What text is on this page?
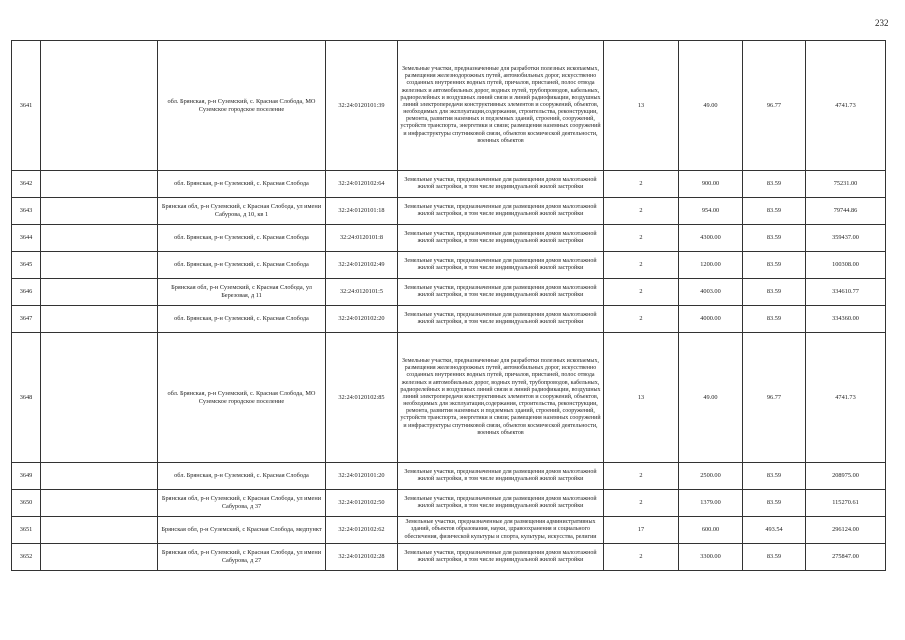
232
3641		обл. Брянская, р-н Суземский, с. Красная Слобода, МО Суземское городское поселение	32:24:0120101:39	Земельные участки, предназначенные для разработки полезных ископаемых, размещения железнодорожных путей, автомобильных дорог, искусственно созданных внутренних водных путей, причалов, пристаней, полос отвода железных и автомобильных дорог, водных путей, трубопроводов, кабельных, радиорелейных и воздушных линий связи и линий радиофикации, воздушных линий электропередачи конструктивных элементов и сооружений, объектов, необходимых для эксплуатации,содержания, строительства, реконструкции, ремонта, развития наземных и подземных зданий, строений, сооружений, устройств транспорта, энергетики и связи; размещения наземных сооружений и инфраструктуры спутниковой связи, объектов космической деятельности, военных объектов	13	49.00	96.77	4741.73
3642		обл. Брянская, р-н Суземский, с. Красная Слобода	32:24:0120102:64	Земельные участки, предназначенные для размещения домов малоэтажной жилой застройки, в том числе индивидуальной жилой застройки	2	900.00	83.59	75231.00
3643		Брянская обл, р-н Суземский, с Красная Слобода, ул имени Сабурова, д 10, кв 1	32:24:0120101:18	Земельные участки, предназначенные для размещения домов малоэтажной жилой застройки, в том числе индивидуальной жилой застройки	2	954.00	83.59	79744.86
3644		обл. Брянская, р-н Суземский, с. Красная Слобода	32:24:0120101:8	Земельные участки, предназначенные для размещения домов малоэтажной жилой застройки, в том числе индивидуальной жилой застройки	2	4300.00	83.59	359437.00
3645		обл. Брянская, р-н Суземский, с. Красная Слобода	32:24:0120102:49	Земельные участки, предназначенные для размещения домов малоэтажной жилой застройки, в том числе индивидуальной жилой застройки	2	1200.00	83.59	100308.00
3646		Брянская обл, р-н Суземский, с Красная Слобода, ул Березовая, д 11	32:24:0120101:5	Земельные участки, предназначенные для размещения домов малоэтажной жилой застройки, в том числе индивидуальной жилой застройки	2	4003.00	83.59	334610.77
3647		обл. Брянская, р-н Суземский, с. Красная Слобода	32:24:0120102:20	Земельные участки, предназначенные для размещения домов малоэтажной жилой застройки, в том числе индивидуальной жилой застройки	2	4000.00	83.59	334360.00
3648		обл. Брянская, р-н Суземский, с. Красная Слобода, МО Суземское городское поселение	32:24:0120102:85	Земельные участки, предназначенные для разработки полезных ископаемых, размещения железнодорожных путей, автомобильных дорог, искусственно созданных внутренних водных путей, причалов, пристаней, полос отвода железных и автомобильных дорог, водных путей, трубопроводов, кабельных, радиорелейных и воздушных линий связи и линий радиофикации, воздушных линий электропередачи конструктивных элементов и сооружений, объектов, необходимых для эксплуатации,содержания, строительства, реконструкции, ремонта, развития наземных и подземных зданий, строений, сооружений, устройств транспорта, энергетики и связи; размещения наземных сооружений и инфраструктуры спутниковой связи, объектов космической деятельности, военных объектов	13	49.00	96.77	4741.73
3649		обл. Брянская, р-н Суземский, с. Красная Слобода	32:24:0120101:20	Земельные участки, предназначенные для размещения домов малоэтажной жилой застройки, в том числе индивидуальной жилой застройки	2	2500.00	83.59	208975.00
3650		Брянская обл, р-н Суземский, с Красная Слобода, ул имени Сабурова, д 37	32:24:0120102:50	Земельные участки, предназначенные для размещения домов малоэтажной жилой застройки, в том числе индивидуальной жилой застройки	2	1379.00	83.59	115270.61
3651		Брянская обл, р-н Суземский, с Красная Слобода, медпункт	32:24:0120102:62	Земельные участки, предназначенные для размещения административных зданий, объектов образования, науки, здравоохранения и социального обеспечения, физической культуры и спорта, культуры, искусства, религии	17	600.00	493.54	296124.00
3652		Брянская обл, р-н Суземский, с Красная Слобода, ул имени Сабурова, д 27	32:24:0120102:28	Земельные участки, предназначенные для размещения домов малоэтажной жилой застройки, в том числе индивидуальной жилой застройки	2	3300.00	83.59	275847.00
